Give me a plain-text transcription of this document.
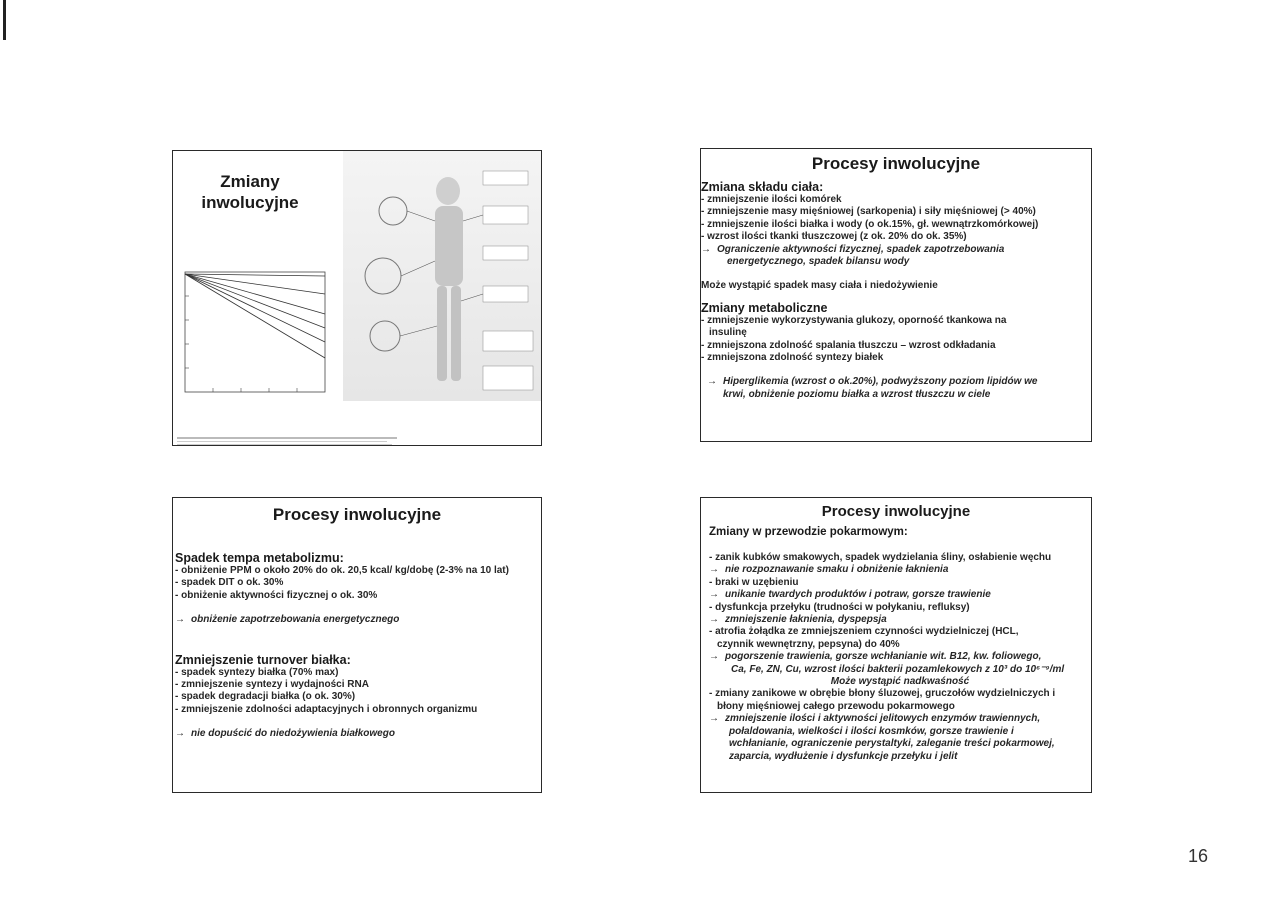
Zmiany
inwolucyjne
Procesy inwolucyjne
Zmiana składu ciała:
- zmniejszenie ilości komórek
- zmniejszenie masy mięśniowej (sarkopenia) i siły mięśniowej (> 40%)
- zmniejszenie ilości białka i wody (o ok.15%, gł. wewnątrzkomórkowej)
- wzrost ilości tkanki tłuszczowej (z ok. 20% do ok. 35%)
→ Ograniczenie aktywności fizycznej, spadek zapotrzebowania
energetycznego, spadek bilansu wody
Może wystąpić spadek masy ciała i niedożywienie
Zmiany metaboliczne
- zmniejszenie wykorzystywania glukozy, oporność tkankowa na
insulinę
- zmniejszona zdolność spalania tłuszczu – wzrost odkładania
- zmniejszona zdolność syntezy białek
→ Hiperglikemia (wzrost o ok.20%), podwyższony poziom lipidów we
krwi, obniżenie poziomu białka a wzrost tłuszczu w ciele
Procesy inwolucyjne
Spadek tempa metabolizmu:
- obniżenie PPM o około 20% do ok. 20,5 kcal/ kg/dobę (2-3% na 10 lat)
- spadek DIT o ok. 30%
- obniżenie aktywności fizycznej o ok. 30%
→ obniżenie zapotrzebowania energetycznego
Zmniejszenie turnover białka:
- spadek syntezy białka (70% max)
- zmniejszenie syntezy i wydajności RNA
- spadek degradacji białka (o ok. 30%)
- zmniejszenie zdolności adaptacyjnych i obronnych organizmu
→ nie dopuścić do niedożywienia białkowego
Procesy inwolucyjne
Zmiany w przewodzie pokarmowym:
- zanik kubków smakowych, spadek wydzielania śliny, osłabienie węchu
→ nie rozpoznawanie smaku i obniżenie łaknienia
- braki w uzębieniu
→ unikanie twardych produktów i potraw, gorsze trawienie
- dysfunkcja przełyku (trudności w połykaniu, refluksy)
→ zmniejszenie łaknienia, dyspepsja
- atrofia żołądka ze zmniejszeniem czynności wydzielniczej (HCL,
czynnik wewnętrzny, pepsyna) do 40%
→ pogorszenie trawienia, gorsze wchłanianie wit. B12, kw. foliowego,
Ca, Fe, ZN, Cu, wzrost ilości bakterii pozamlekowych z 10³ do 10⁶⁻⁹/ml
Może wystąpić nadkwaśność
- zmiany zanikowe w obrębie błony śluzowej, gruczołów wydzielniczych i
błony mięśniowej całego przewodu pokarmowego
→ zmniejszenie ilości i aktywności jelitowych enzymów trawiennych,
połaldowania, wielkości i ilości kosmków, gorsze trawienie i
wchłanianie, ograniczenie perystaltyki, zaleganie treści pokarmowej,
zaparcia, wydłużenie i dysfunkcje przełyku i jelit
16
